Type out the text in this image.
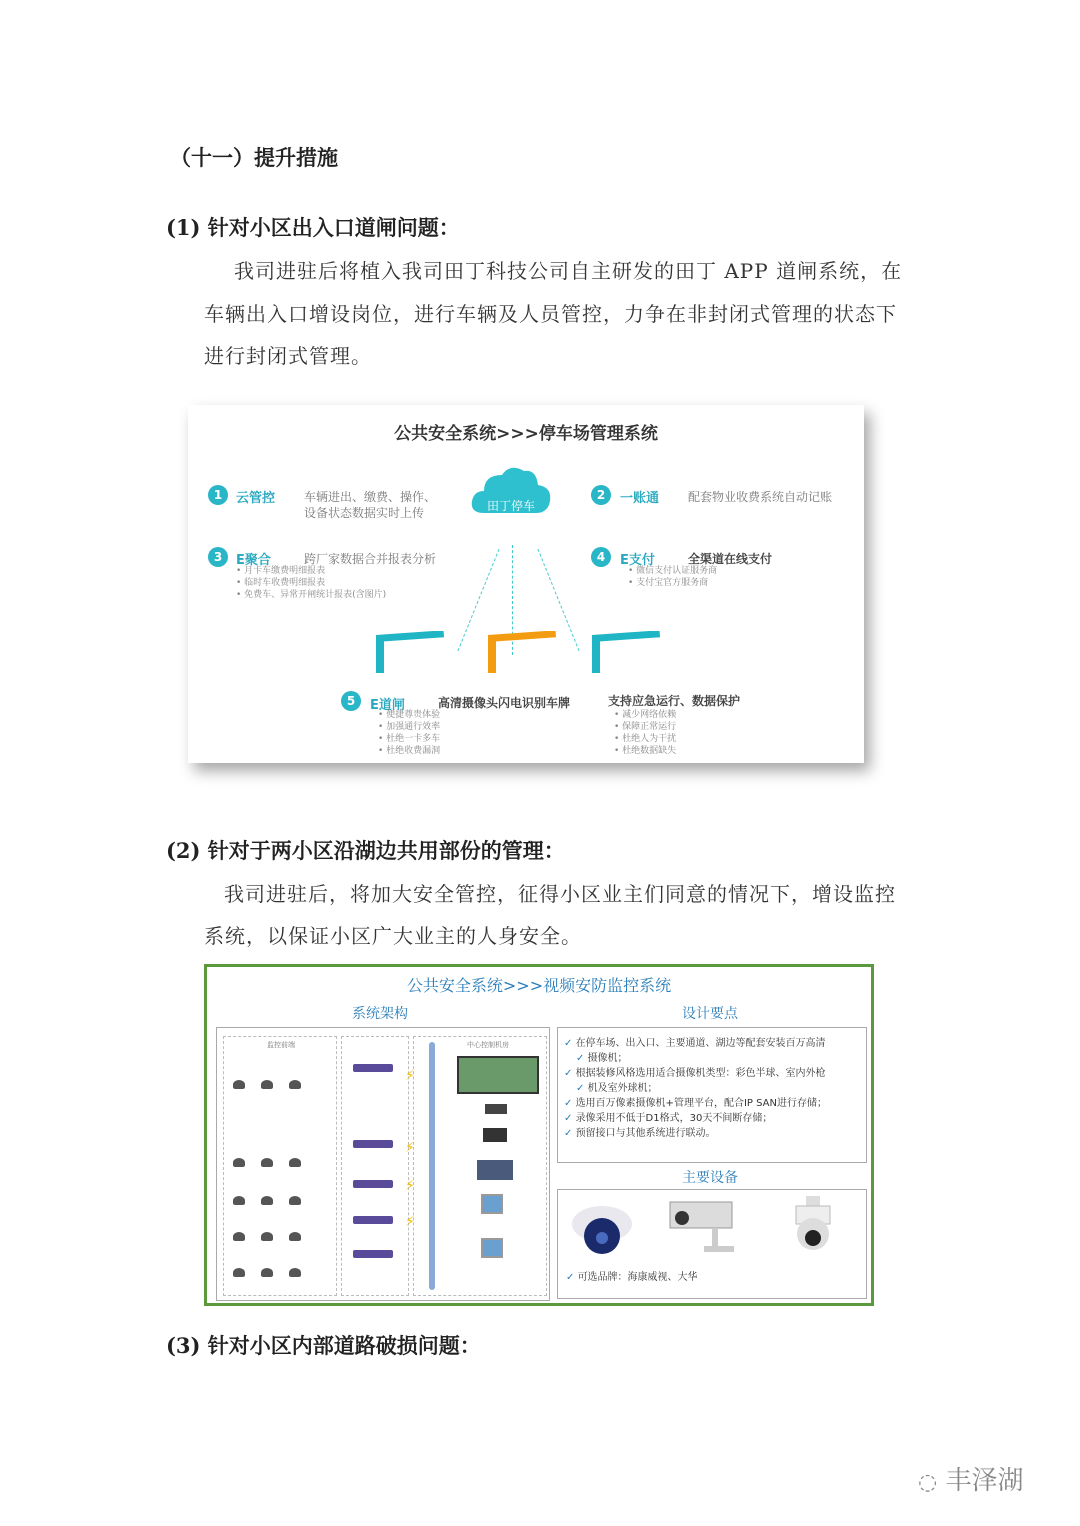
（十一）提升措施
(1) 针对小区出入口道闸问题：
我司进驻后将植入我司田丁科技公司自主研发的田丁 APP 道闸系统，在
车辆出入口增设岗位，进行车辆及人员管控，力争在非封闭式管理的状态下
进行封闭式管理。
公共安全系统>>>停车场管理系统
田丁停车
1	云管控 车辆进出、缴费、操作、
设备状态数据实时上传
2	一账通 配套物业收费系统自动记账
3	E聚合	跨厂家数据合并报表分析
• 月卡车缴费明细报表
• 临时车收费明细报表
• 免费车、异常开闸统计报表(含图片)
4	E支付	全渠道在线支付
• 微信支付认证服务商
• 支付宝官方服务商
5	E道闸	高清摄像头闪电识别车牌
• 便捷尊贵体验
• 加强通行效率
• 杜绝一卡多车
• 杜绝收费漏洞
支持应急运行、数据保护
• 减少网络依赖
• 保障正常运行
• 杜绝人为干扰
• 杜绝数据缺失
(2) 针对于两小区沿湖边共用部份的管理：
我司进驻后，将加大安全管控，征得小区业主们同意的情况下，增设监控
系统，以保证小区广大业主的人身安全。
公共安全系统>>>视频安防监控系统
系统架构	设计要点
监控前端	中心控制机房
⚡
⚡
⚡
⚡
✓ 在停车场、出入口、主要通道、湖边等配套安装百万高清
✓ 摄像机；
✓ 根据装修风格选用适合摄像机类型：彩色半球、室内外枪
✓ 机及室外球机；
✓ 选用百万像素摄像机+管理平台，配合IP SAN进行存储；
✓ 录像采用不低于D1格式，30天不间断存储；
✓ 预留接口与其他系统进行联动。
主要设备
✓ 可选品牌：海康威视、大华
(3) 针对小区内部道路破损问题：
◌ 丰泽湖
